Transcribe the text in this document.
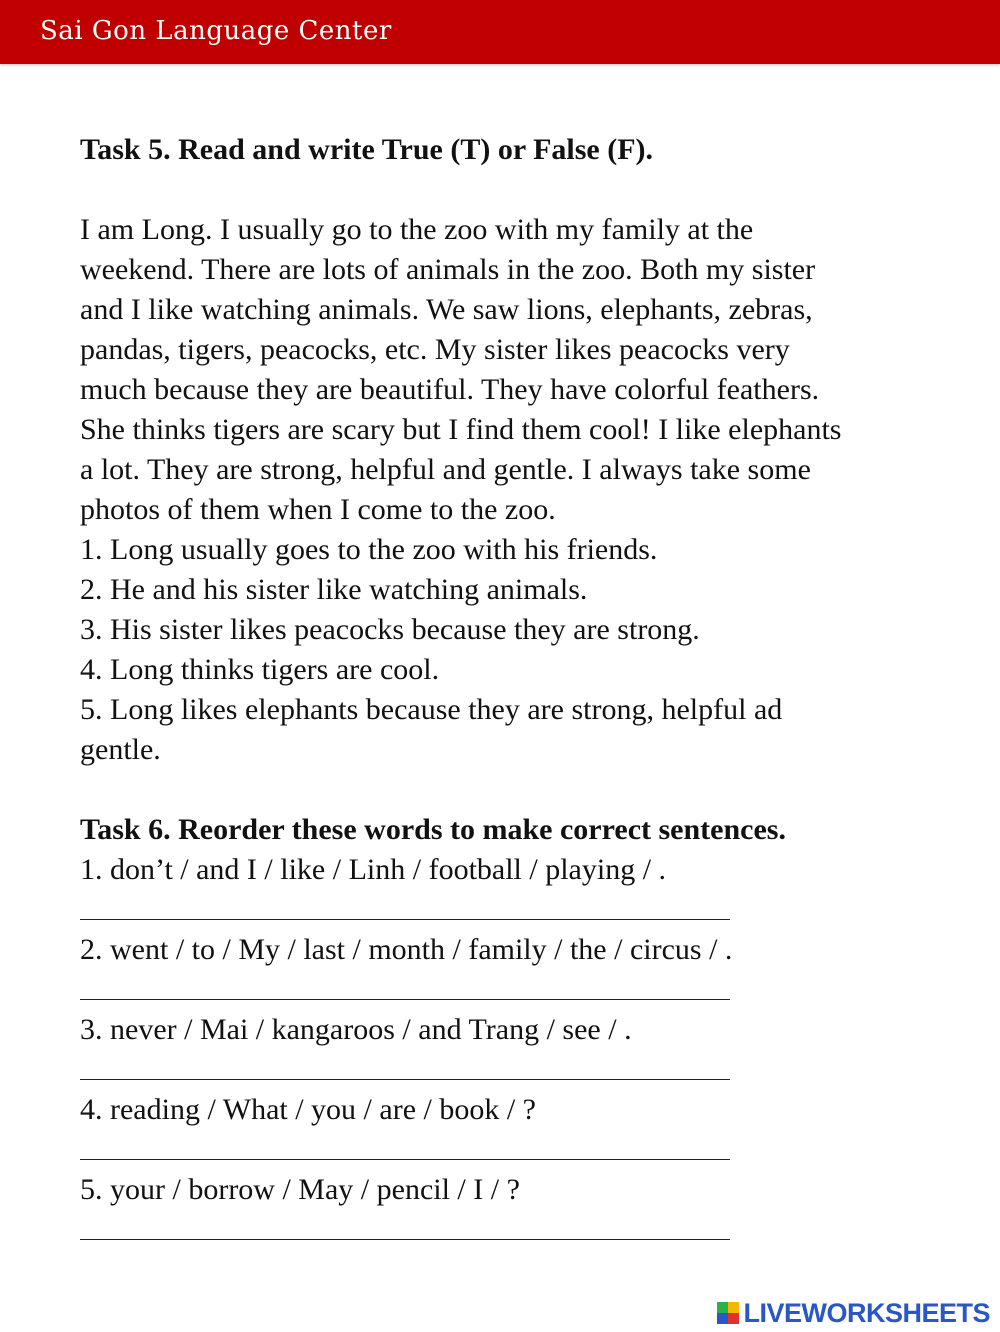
Sai Gon Language Center
Task 5. Read and write True (T) or False (F).

I am Long. I usually go to the zoo with my family at the

weekend. There are lots of animals in the zoo. Both my sister

and I like watching animals. We saw lions, elephants, zebras,

pandas, tigers, peacocks, etc. My sister likes peacocks very

much because they are beautiful. They have colorful feathers.

She thinks tigers are scary but I find them cool! I like elephants

a lot. They are strong, helpful and gentle. I always take some

photos of them when I come to the zoo.

1. Long usually goes to the zoo with his friends.
2. He and his sister like watching animals.
3. His sister likes peacocks because they are strong.
4. Long thinks tigers are cool.
5. Long likes elephants because they are strong, helpful ad
gentle.
Task 6. Reorder these words to make correct sentences.
1. don’t / and I / like / Linh / football / playing / .
2. went / to / My / last / month / family / the / circus / .
3. never / Mai / kangaroos / and Trang / see / .
4. reading / What / you / are / book / ?
5. your / borrow / May / pencil / I / ?
LIVEWORKSHEETS
